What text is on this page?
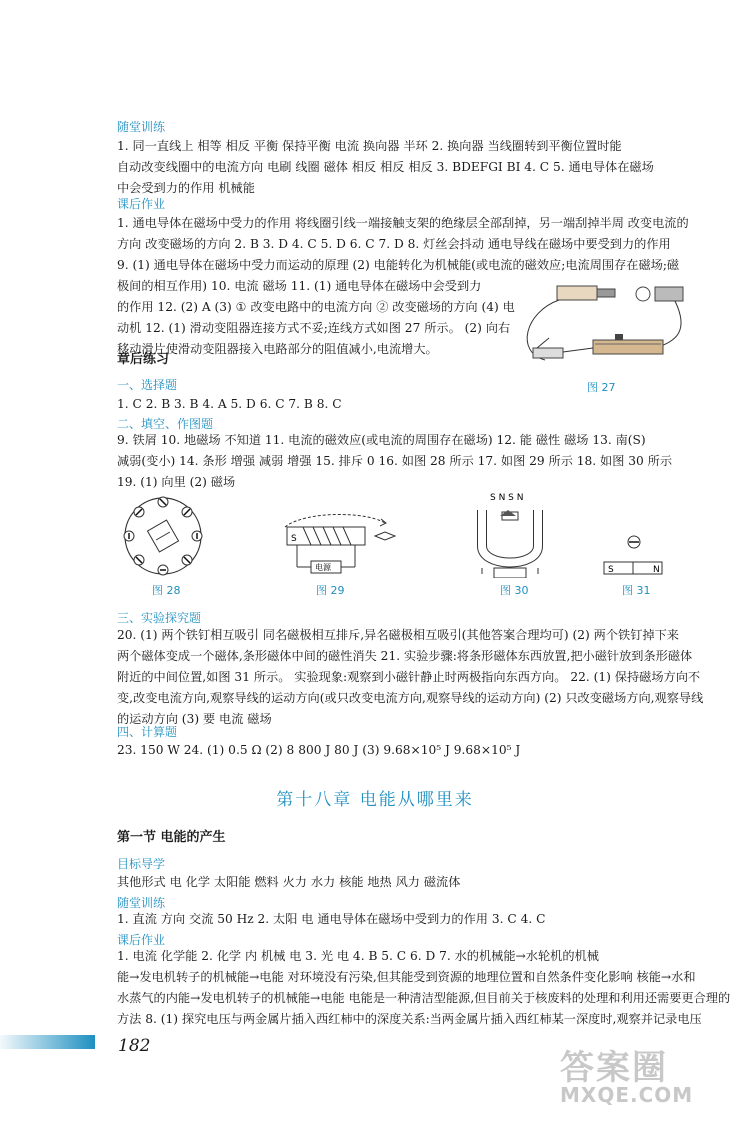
随堂训练
1. 同一直线上 相等 相反 平衡 保持平衡 电流 换向器 半环 2. 换向器 当线圈转到平衡位置时能
自动改变线圈中的电流方向 电刷 线圈 磁体 相反 相反 相反 3. BDEFGI BI 4. C 5. 通电导体在磁场
中会受到力的作用 机械能
课后作业
1. 通电导体在磁场中受力的作用 将线圈引线一端接触支架的绝缘层全部刮掉，另一端刮掉半周 改变电流的
方向 改变磁场的方向 2. B 3. D 4. C 5. D 6. C 7. D 8. 灯丝会抖动 通电导线在磁场中要受到力的作用
9. (1) 通电导体在磁场中受力而运动的原理 (2) 电能转化为机械能(或电流的磁效应;电流周围存在磁场;磁
极间的相互作用) 10. 电流 磁场 11. (1) 通电导体在磁场中会受到力
的作用 12. (2) A (3) ① 改变电路中的电流方向 ② 改变磁场的方向 (4) 电
动机 12. (1) 滑动变阻器连接方式不妥;连线方式如图 27 所示。 (2) 向右
移动滑片使滑动变阻器接入电路部分的阻值减小,电流增大。
图 27
章后练习
一、选择题
1. C 2. B 3. B 4. A 5. D 6. C 7. B 8. C
二、填空、作图题
9. 铁屑 10. 地磁场 不知道 11. 电流的磁效应(或电流的周围存在磁场) 12. 能 磁性 磁场 13. 南(S)
减弱(变小) 14. 条形 增强 减弱 增强 15. 排斥 0 16. 如图 28 所示 17. 如图 29 所示 18. 如图 30 所示
19. (1) 向里 (2) 磁场
图 28
S
电源
图 29
S N S N
图 30
S	N
图 31
三、实验探究题
20. (1) 两个铁钉相互吸引 同名磁极相互排斥,异名磁极相互吸引(其他答案合理均可) (2) 两个铁钉掉下来
两个磁体变成一个磁体,条形磁体中间的磁性消失 21. 实验步骤:将条形磁体东西放置,把小磁针放到条形磁体
附近的中间位置,如图 31 所示。 实验现象:观察到小磁针静止时两极指向东西方向。 22. (1) 保持磁场方向不
变,改变电流方向,观察导线的运动方向(或只改变电流方向,观察导线的运动方向) (2) 只改变磁场方向,观察导线
的运动方向 (3) 要 电流 磁场
四、计算题
23. 150 W 24. (1) 0.5 Ω (2) 8 800 J 80 J (3) 9.68×10⁵ J 9.68×10⁵ J
第十八章 电能从哪里来
第一节 电能的产生
目标导学
其他形式 电 化学 太阳能 燃料 火力 水力 核能 地热 风力 磁流体
随堂训练
1. 直流 方向 交流 50 Hz 2. 太阳 电 通电导体在磁场中受到力的作用 3. C 4. C
课后作业
1. 电流 化学能 2. 化学 内 机械 电 3. 光 电 4. B 5. C 6. D 7. 水的机械能→水轮机的机械
能→发电机转子的机械能→电能 对环境没有污染,但其能受到资源的地理位置和自然条件变化影响 核能→水和
水蒸气的内能→发电机转子的机械能→电能 电能是一种清洁型能源,但目前关于核废料的处理和利用还需要更合理的
方法 8. (1) 探究电压与两金属片插入西红柿中的深度关系:当两金属片插入西红柿某一深度时,观察并记录电压
182
答案圈
MXQE.COM
